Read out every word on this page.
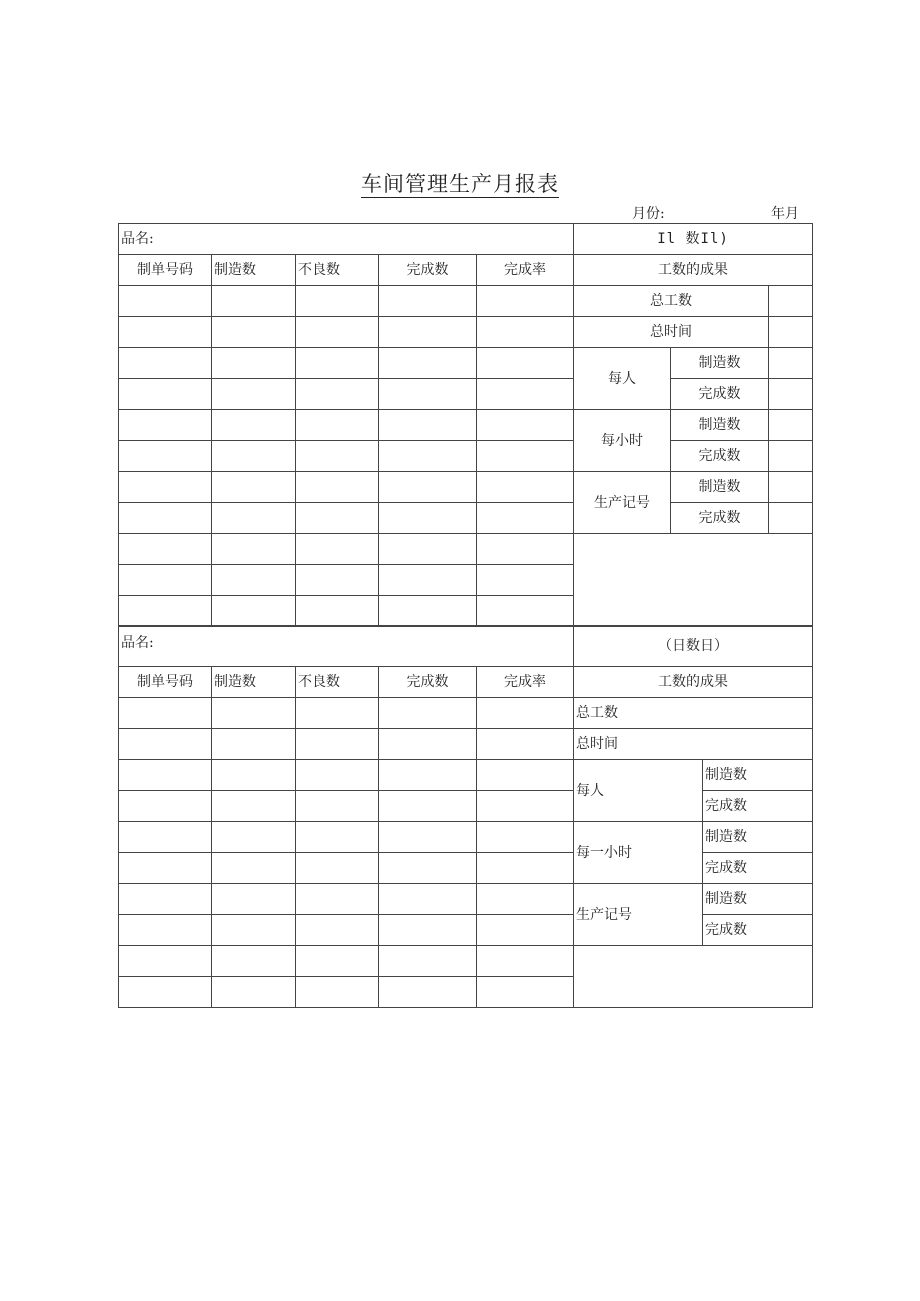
车间管理生产月报表
月份:	年月
品名:					Il 数Il)		
制单号码	制造数	不良数	完成数	完成率	工数的成果		
					总工数		
					总时间		
					每人	制造数	
						完成数	
					每小时	制造数	
						完成数	
					生产记号	制造数	
						完成数	

品名:					（日数日）	
制单号码	制造数	不良数	完成数	完成率	工数的成果	
					总工数	
					总时间	
					每人	制造数
						完成数
					每一小时	制造数
						完成数
					生产记号	制造数
						完成数
